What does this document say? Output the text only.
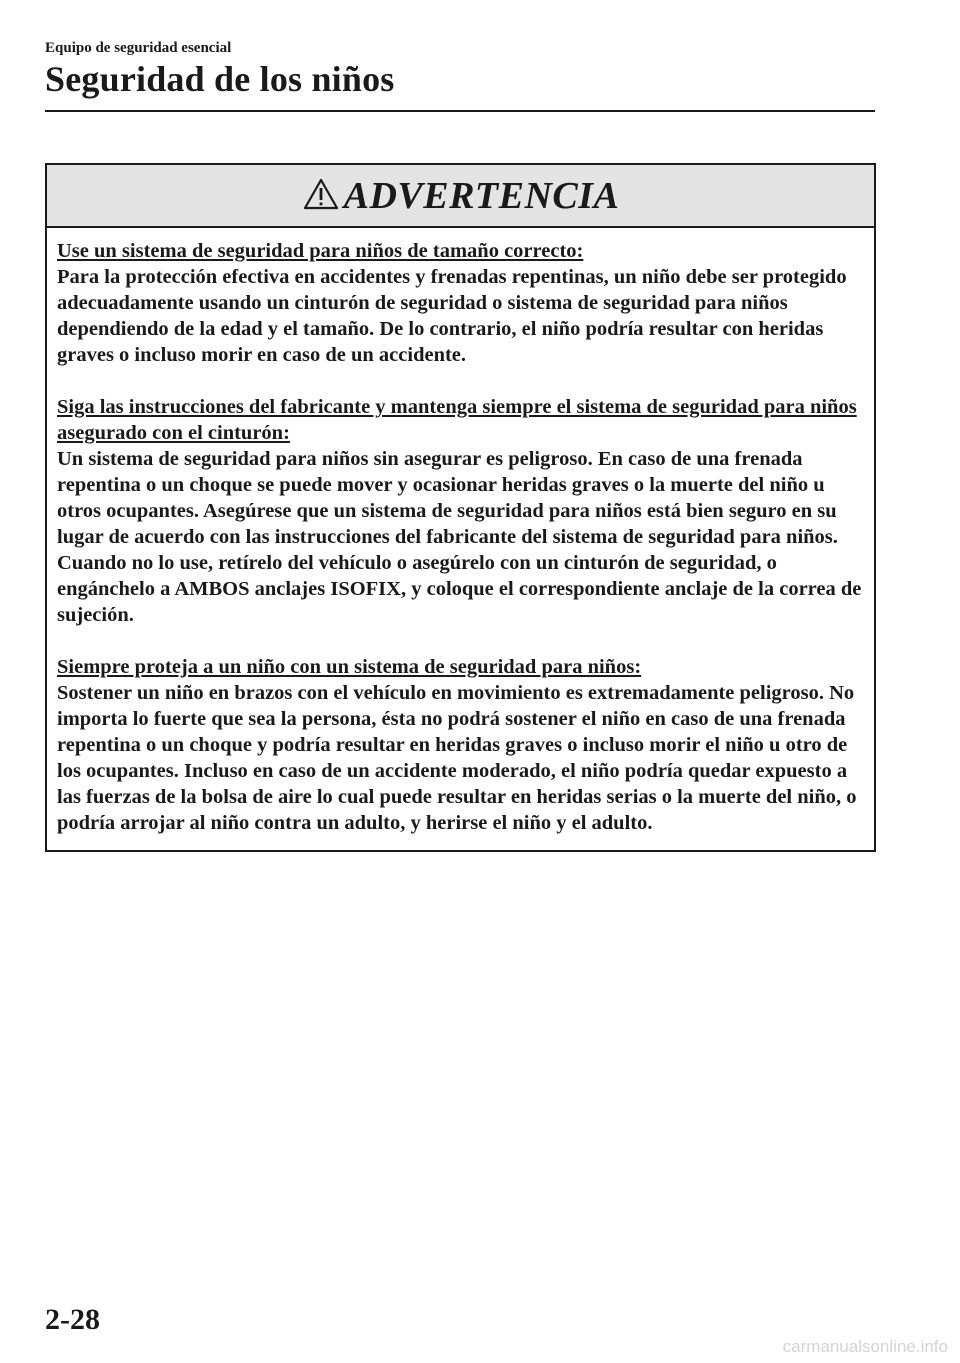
Equipo de seguridad esencial
Seguridad de los niños
ADVERTENCIA
Use un sistema de seguridad para niños de tamaño correcto:
Para la protección efectiva en accidentes y frenadas repentinas, un niño debe ser protegido adecuadamente usando un cinturón de seguridad o sistema de seguridad para niños dependiendo de la edad y el tamaño. De lo contrario, el niño podría resultar con heridas graves o incluso morir en caso de un accidente.
Siga las instrucciones del fabricante y mantenga siempre el sistema de seguridad para niños asegurado con el cinturón:
Un sistema de seguridad para niños sin asegurar es peligroso. En caso de una frenada repentina o un choque se puede mover y ocasionar heridas graves o la muerte del niño u otros ocupantes. Asegúrese que un sistema de seguridad para niños está bien seguro en su lugar de acuerdo con las instrucciones del fabricante del sistema de seguridad para niños. Cuando no lo use, retírelo del vehículo o asegúrelo con un cinturón de seguridad, o engánchelo a AMBOS anclajes ISOFIX, y coloque el correspondiente anclaje de la correa de sujeción.
Siempre proteja a un niño con un sistema de seguridad para niños:
Sostener un niño en brazos con el vehículo en movimiento es extremadamente peligroso. No importa lo fuerte que sea la persona, ésta no podrá sostener el niño en caso de una frenada repentina o un choque y podría resultar en heridas graves o incluso morir el niño u otro de los ocupantes. Incluso en caso de un accidente moderado, el niño podría quedar expuesto a las fuerzas de la bolsa de aire lo cual puede resultar en heridas serias o la muerte del niño, o podría arrojar al niño contra un adulto, y herirse el niño y el adulto.
2-28
carmanualsonline.info
